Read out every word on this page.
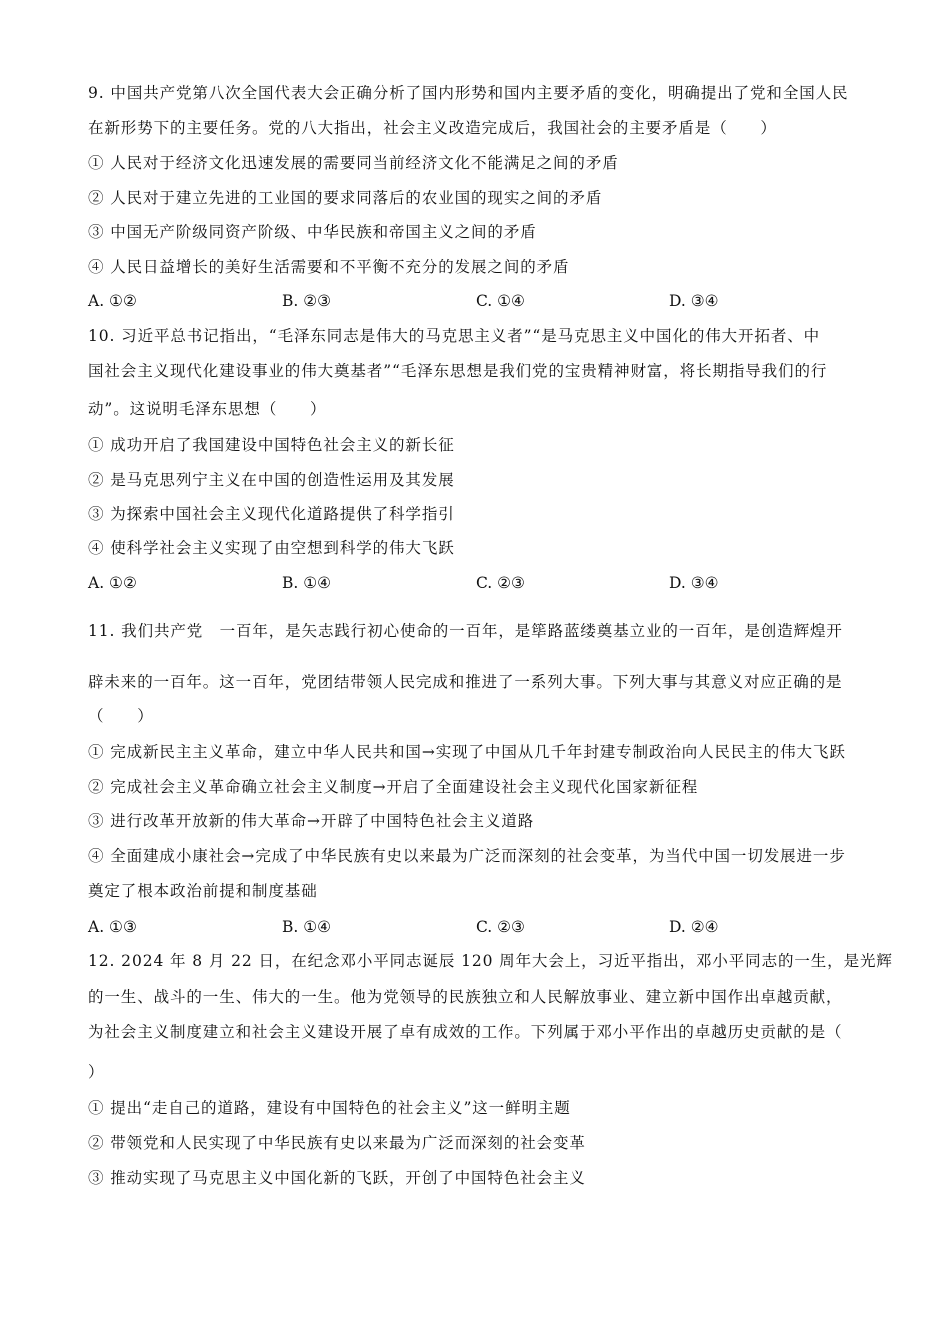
9. 中国共产党第八次全国代表大会正确分析了国内形势和国内主要矛盾的变化，明确提出了党和全国人民
在新形势下的主要任务。党的八大指出，社会主义改造完成后，我国社会的主要矛盾是（　　）
① 人民对于经济文化迅速发展的需要同当前经济文化不能满足之间的矛盾
② 人民对于建立先进的工业国的要求同落后的农业国的现实之间的矛盾
③ 中国无产阶级同资产阶级、中华民族和帝国主义之间的矛盾
④ 人民日益增长的美好生活需要和不平衡不充分的发展之间的矛盾
A. ①②	B. ②③	C. ①④	D. ③④
10. 习近平总书记指出，“毛泽东同志是伟大的马克思主义者”“是马克思主义中国化的伟大开拓者、中
国社会主义现代化建设事业的伟大奠基者”“毛泽东思想是我们党的宝贵精神财富，将长期指导我们的行
动”。这说明毛泽东思想（　　）
① 成功开启了我国建设中国特色社会主义的新长征
② 是马克思列宁主义在中国的创造性运用及其发展
③ 为探索中国社会主义现代化道路提供了科学指引
④ 使科学社会主义实现了由空想到科学的伟大飞跃
A. ①②	B. ①④	C. ②③	D. ③④
11. 我们共产党　一百年，是矢志践行初心使命的一百年，是筚路蓝缕奠基立业的一百年，是创造辉煌开
辟未来的一百年。这一百年，党团结带领人民完成和推进了一系列大事。下列大事与其意义对应正确的是
（　　）
① 完成新民主主义革命，建立中华人民共和国→实现了中国从几千年封建专制政治向人民民主的伟大飞跃
② 完成社会主义革命确立社会主义制度→开启了全面建设社会主义现代化国家新征程
③ 进行改革开放新的伟大革命→开辟了中国特色社会主义道路
④ 全面建成小康社会→完成了中华民族有史以来最为广泛而深刻的社会变革，为当代中国一切发展进一步
奠定了根本政治前提和制度基础
A. ①③	B. ①④	C. ②③	D. ②④
12. 2024 年 8 月 22 日，在纪念邓小平同志诞辰 120 周年大会上，习近平指出，邓小平同志的一生，是光辉
的一生、战斗的一生、伟大的一生。他为党领导的民族独立和人民解放事业、建立新中国作出卓越贡献，
为社会主义制度建立和社会主义建设开展了卓有成效的工作。下列属于邓小平作出的卓越历史贡献的是（
）
① 提出“走自己的道路，建设有中国特色的社会主义”这一鲜明主题
② 带领党和人民实现了中华民族有史以来最为广泛而深刻的社会变革
③ 推动实现了马克思主义中国化新的飞跃，开创了中国特色社会主义
